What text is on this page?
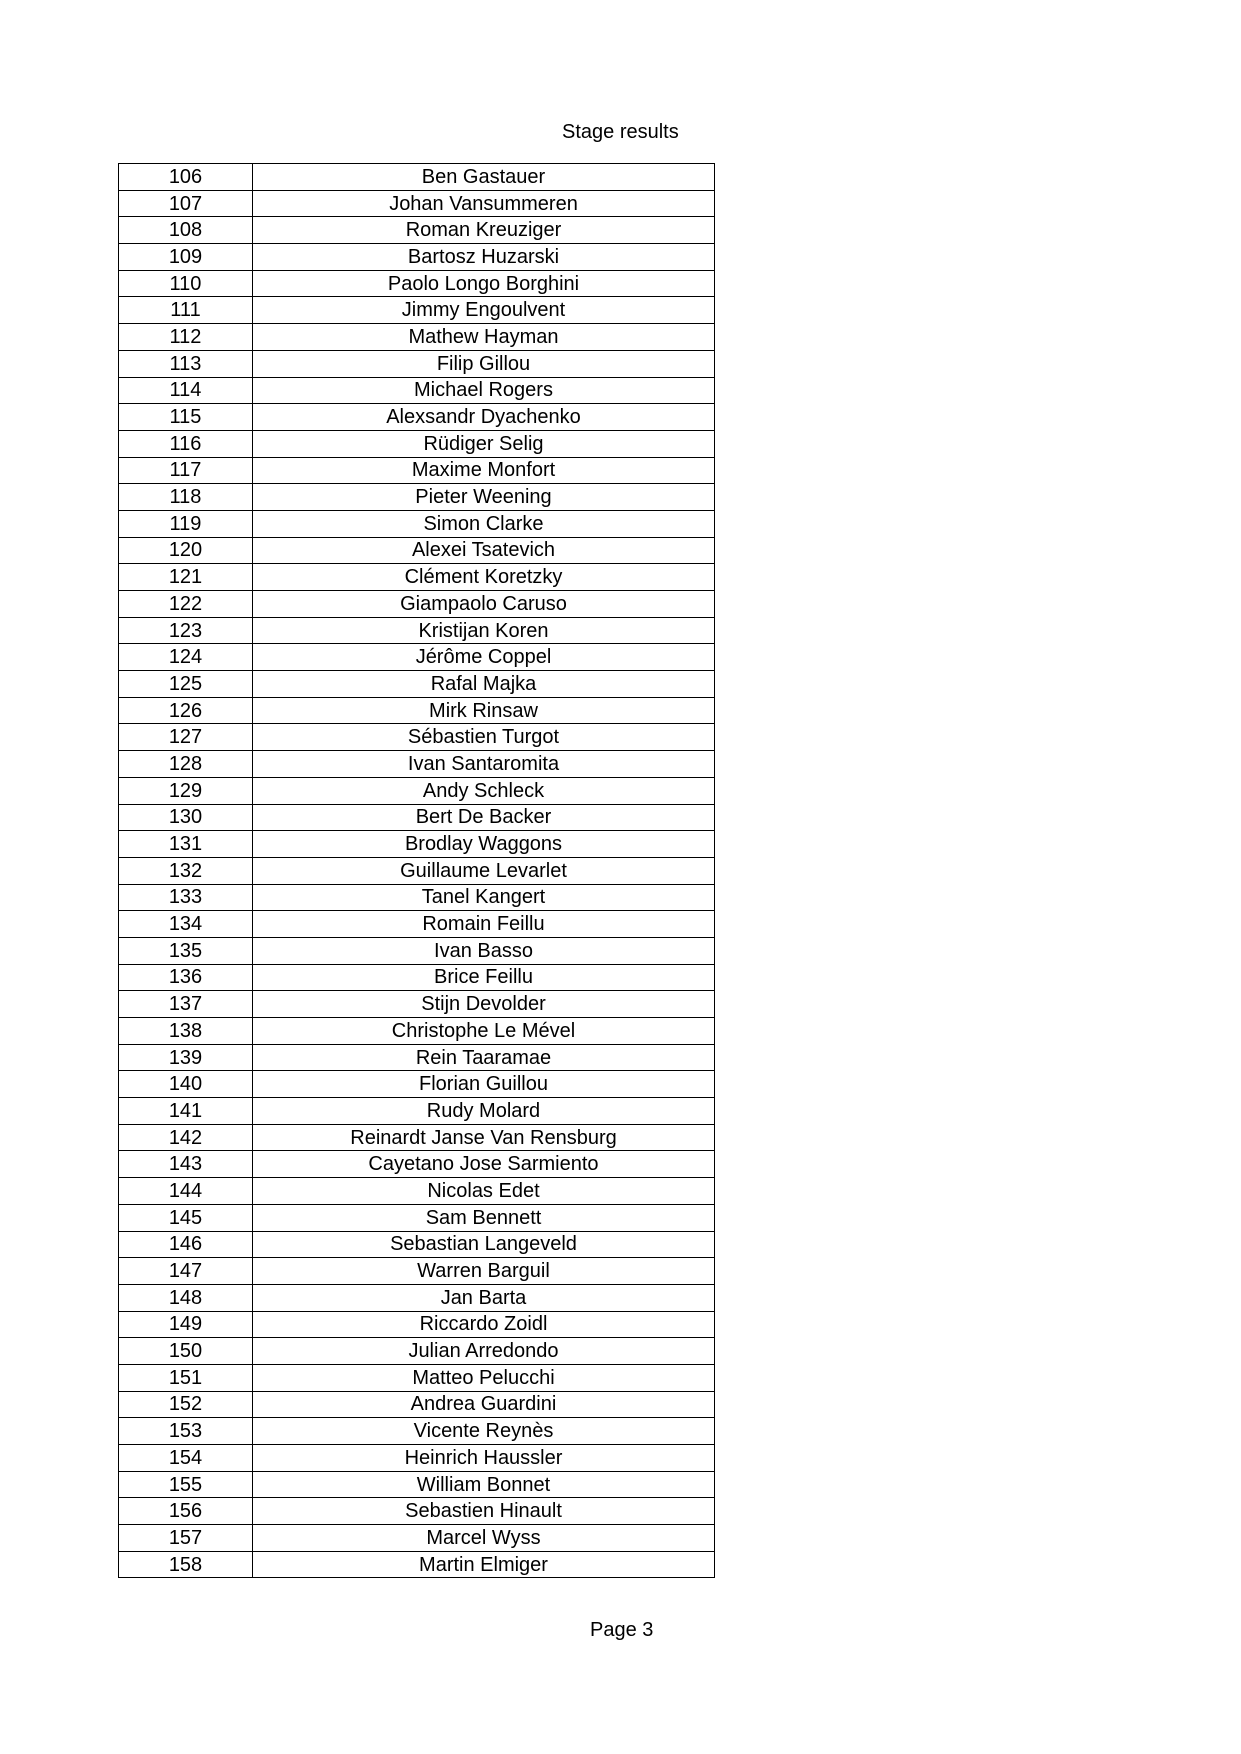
Stage results
106	Ben Gastauer
107	Johan Vansummeren
108	Roman Kreuziger
109	Bartosz Huzarski
110	Paolo Longo Borghini
111	Jimmy Engoulvent
112	Mathew Hayman
113	Filip Gillou
114	Michael Rogers
115	Alexsandr Dyachenko
116	Rüdiger Selig
117	Maxime Monfort
118	Pieter Weening
119	Simon Clarke
120	Alexei Tsatevich
121	Clément Koretzky
122	Giampaolo Caruso
123	Kristijan Koren
124	Jérôme Coppel
125	Rafal Majka
126	Mirk Rinsaw
127	Sébastien Turgot
128	Ivan Santaromita
129	Andy Schleck
130	Bert De Backer
131	Brodlay Waggons
132	Guillaume Levarlet
133	Tanel Kangert
134	Romain Feillu
135	Ivan Basso
136	Brice Feillu
137	Stijn Devolder
138	Christophe Le Mével
139	Rein Taaramae
140	Florian Guillou
141	Rudy Molard
142	Reinardt Janse Van Rensburg
143	Cayetano Jose Sarmiento
144	Nicolas Edet
145	Sam Bennett
146	Sebastian Langeveld
147	Warren Barguil
148	Jan Barta
149	Riccardo Zoidl
150	Julian Arredondo
151	Matteo Pelucchi
152	Andrea Guardini
153	Vicente Reynès
154	Heinrich Haussler
155	William Bonnet
156	Sebastien Hinault
157	Marcel Wyss
158	Martin Elmiger
Page 3
